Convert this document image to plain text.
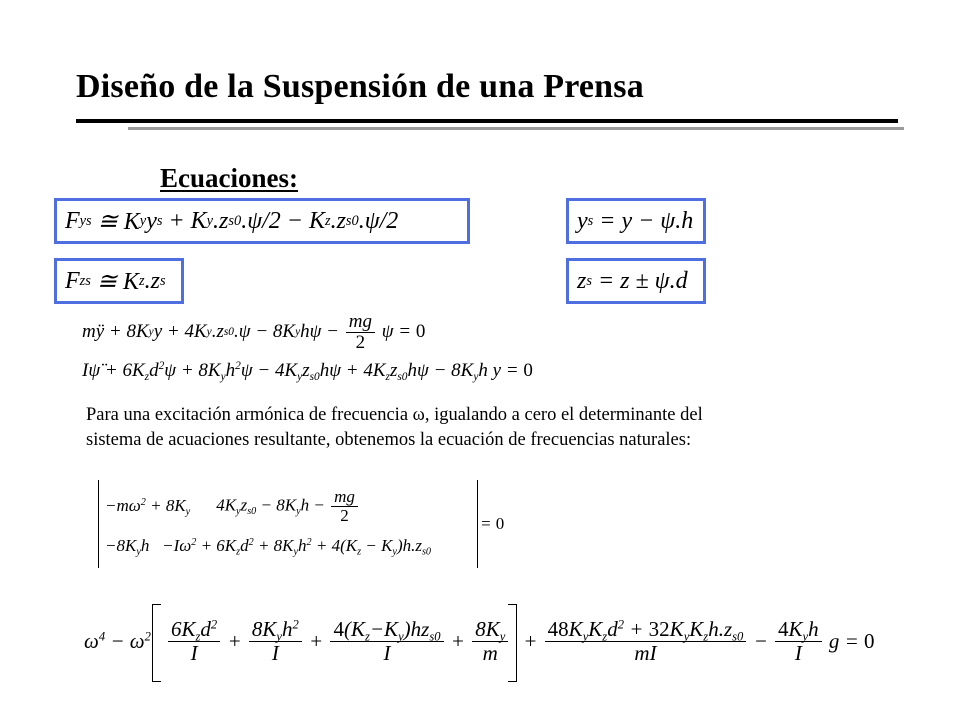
Diseño de la Suspensión de una Prensa
Ecuaciones:
F ys ≅ K y y s + K y .z s0 .ψ/2 − K z .z s0 .ψ/2
F zs ≅ K z .z s
y s = y − ψ.h
z s = z ± ψ.d
mÿ + 8K y y + 4K y .z s0 .ψ − 8K y $h\psi - \frac{mg}{2}$ ψ = 0
Iψ̈ + $6K_zd^2\psi + 8K_yh^2\psi - 4K_yz_{s0}h\psi + 4K_zz_{s0}h\psi - 8K_yh$ y = 0
Para una excitación armónica de frecuencia ω, igualando a cero el determinante del
sistema de acuaciones resultante, obtenemos la ecuación de frecuencias naturales:
$-m\omega^2 + 8K_y$ $4K_yz_{s0} - 8K_yh - \frac{mg}{2}$
$-8K_yh -I\omega^2 + 6K_zd^2 + 8K_yh^2 + 4(K_z - K_y)h.z_{s0}$
= 0
$\omega^4 - \omega^2 \frac{6K_zd^2}{I} + \frac{8K_yh^2}{I} + \frac{4(K_z-K_y)hz_{s0}}{I} + \frac{8K_y}{m} + \frac{48K_yK_zd^2 + 32K_yK_zh.z_{s0}}{mI} - \frac{4K_yh}{I}$ g = 0
